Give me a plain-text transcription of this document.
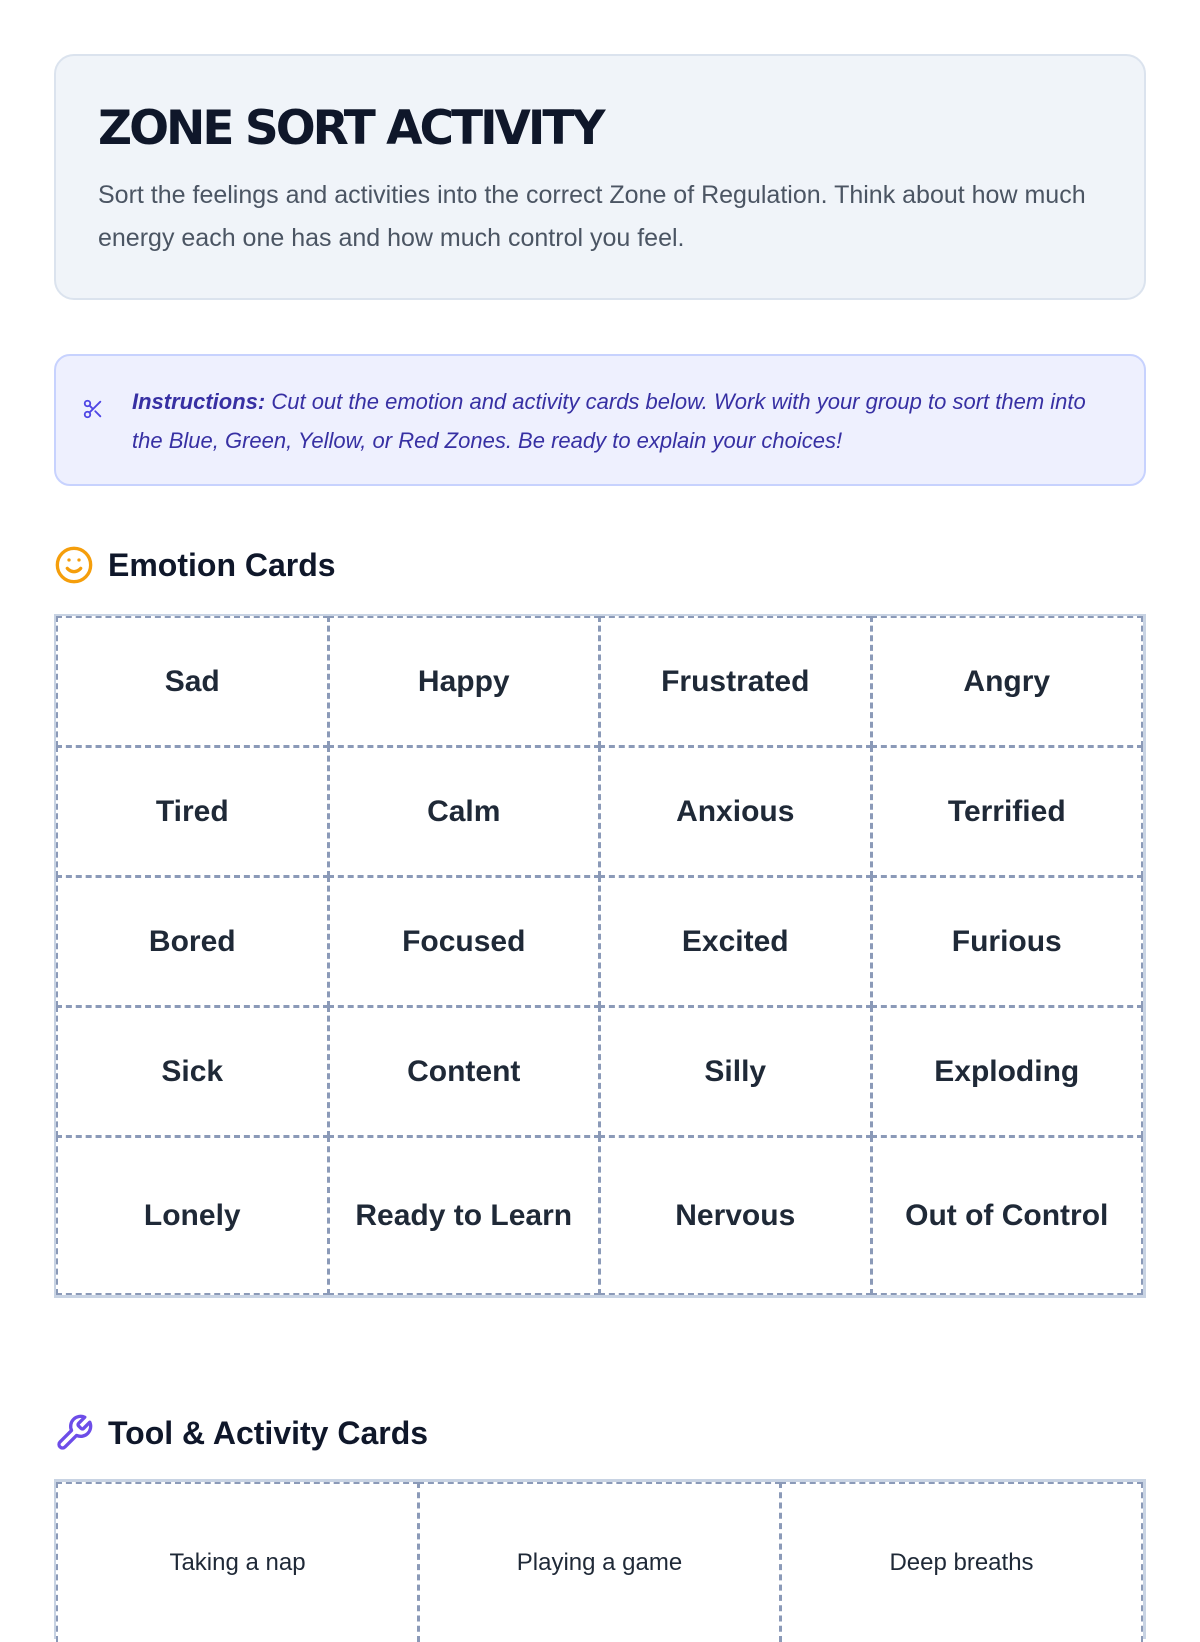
ZONE SORT ACTIVITY

Sort the feelings and activities into the correct Zone of Regulation. Think about how much energy each one has and how much control you feel.

Instructions: Cut out the emotion and activity cards below. Work with your group to sort them into the Blue, Green, Yellow, or Red Zones. Be ready to explain your choices!
Emotion Cards
Sad	Happy	Frustrated	Angry
Tired	Calm	Anxious	Terrified
Bored	Focused	Excited	Furious
Sick	Content	Silly	Exploding
Lonely	Ready to Learn	Nervous	Out of Control
Tool & Activity Cards
Taking a nap	Playing a game	Deep breaths
